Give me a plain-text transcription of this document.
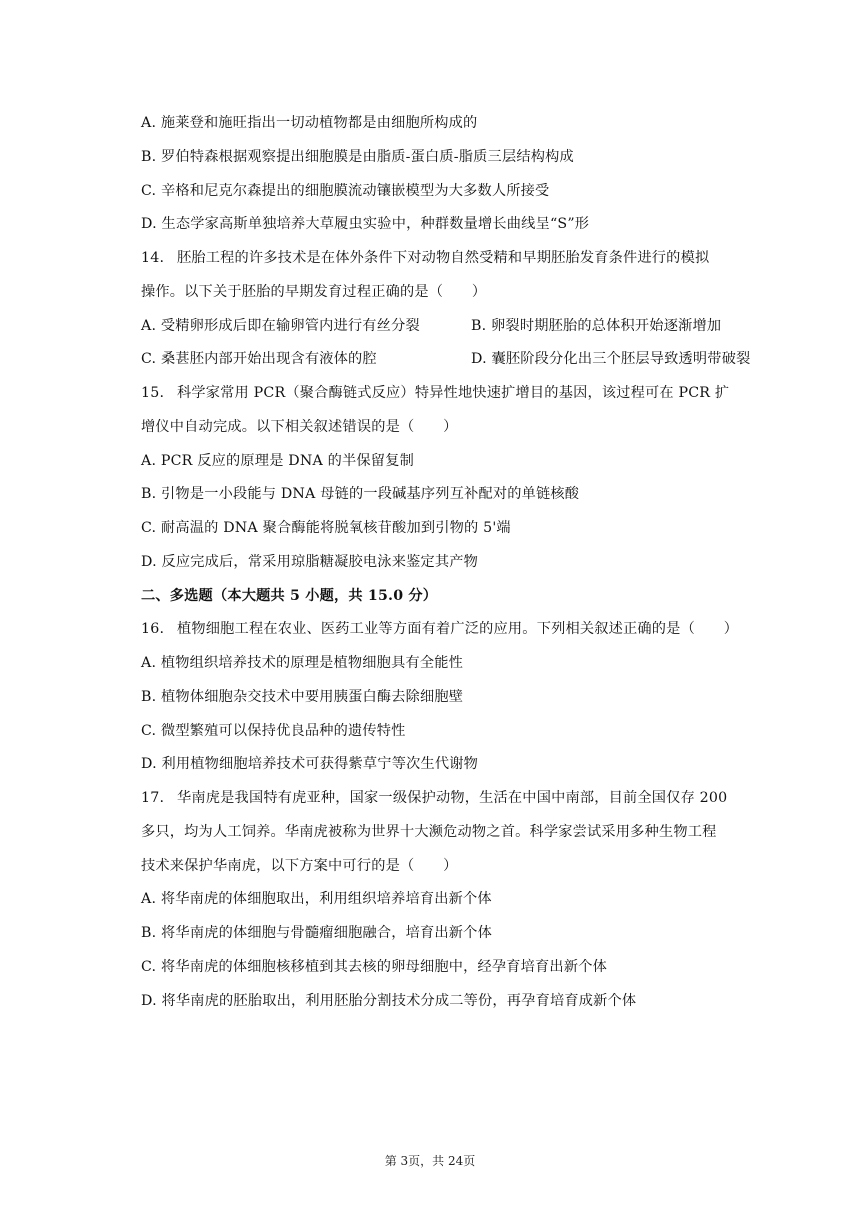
A. 施莱登和施旺指出一切动植物都是由细胞所构成的
B. 罗伯特森根据观察提出细胞膜是由脂质-蛋白质-脂质三层结构构成
C. 辛格和尼克尔森提出的细胞膜流动镶嵌模型为大多数人所接受
D. 生态学家高斯单独培养大草履虫实验中，种群数量增长曲线呈“S”形
14. 胚胎工程的许多技术是在体外条件下对动物自然受精和早期胚胎发育条件进行的模拟
操作。以下关于胚胎的早期发育过程正确的是（　　）
A. 受精卵形成后即在输卵管内进行有丝分裂	B. 卵裂时期胚胎的总体积开始逐渐增加
C. 桑葚胚内部开始出现含有液体的腔	D. 囊胚阶段分化出三个胚层导致透明带破裂
15. 科学家常用 PCR（聚合酶链式反应）特异性地快速扩增目的基因，该过程可在 PCR 扩
增仪中自动完成。以下相关叙述错误的是（　　）
A. PCR 反应的原理是 DNA 的半保留复制
B. 引物是一小段能与 DNA 母链的一段碱基序列互补配对的单链核酸
C. 耐高温的 DNA 聚合酶能将脱氧核苷酸加到引物的 5'端
D. 反应完成后，常采用琼脂糖凝胶电泳来鉴定其产物
二、多选题（本大题共 5 小题，共 15.0 分）
16. 植物细胞工程在农业、医药工业等方面有着广泛的应用。下列相关叙述正确的是（　　）
A. 植物组织培养技术的原理是植物细胞具有全能性
B. 植物体细胞杂交技术中要用胰蛋白酶去除细胞壁
C. 微型繁殖可以保持优良品种的遗传特性
D. 利用植物细胞培养技术可获得紫草宁等次生代谢物
17. 华南虎是我国特有虎亚种，国家一级保护动物，生活在中国中南部，目前全国仅存 200
多只，均为人工饲养。华南虎被称为世界十大濒危动物之首。科学家尝试采用多种生物工程
技术来保护华南虎，以下方案中可行的是（　　）
A. 将华南虎的体细胞取出，利用组织培养培育出新个体
B. 将华南虎的体细胞与骨髓瘤细胞融合，培育出新个体
C. 将华南虎的体细胞核移植到其去核的卵母细胞中，经孕育培育出新个体
D. 将华南虎的胚胎取出，利用胚胎分割技术分成二等份，再孕育培育成新个体
第 3页，共 24页
